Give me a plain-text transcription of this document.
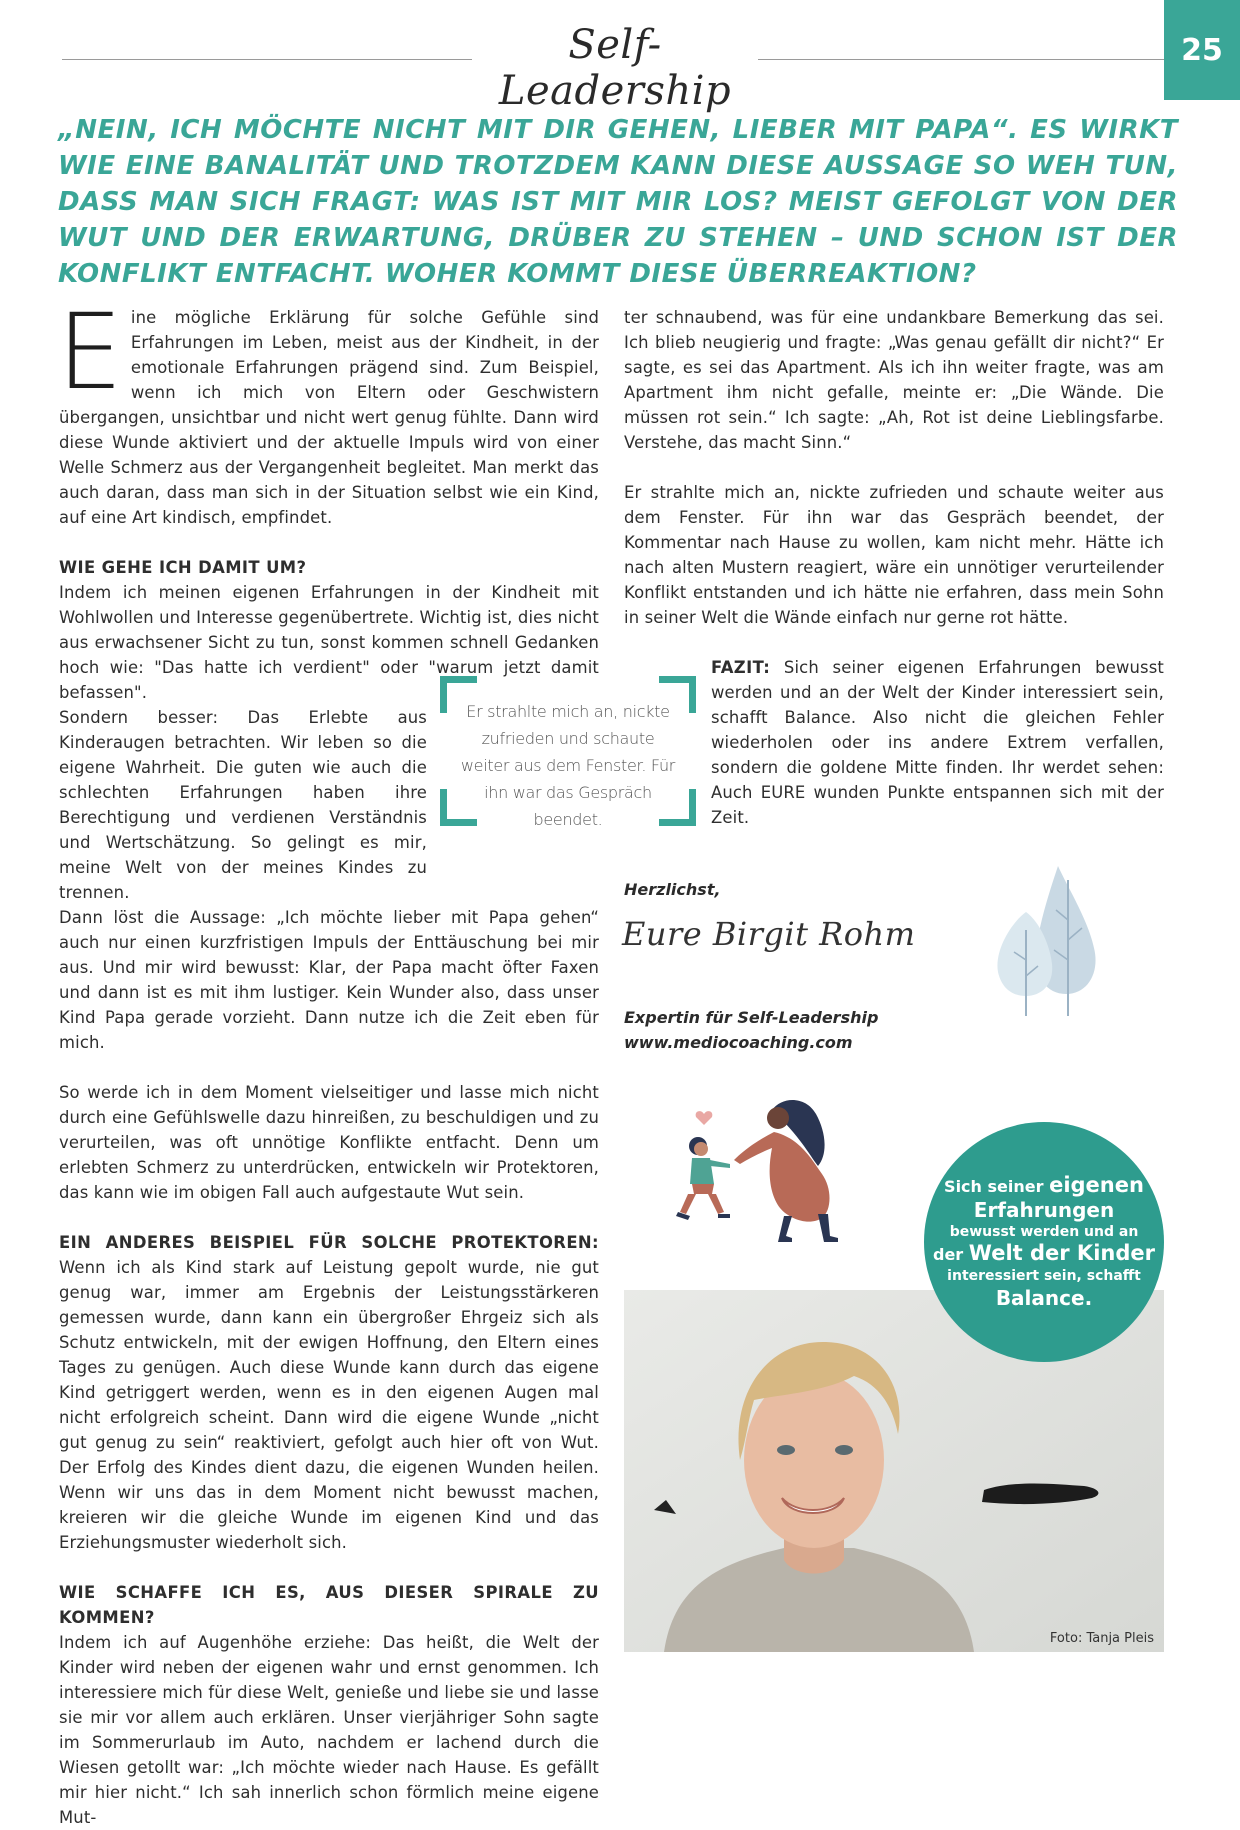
Self-Leadership
25
„NEIN, ICH MÖCHTE NICHT MIT DIR GEHEN, LIEBER MIT PAPA“. ES WIRKT WIE EINE BANALITÄT UND TROTZDEM KANN DIESE AUSSAGE SO WEH TUN, DASS MAN SICH FRAGT: WAS IST MIT MIR LOS? MEIST GEFOLGT VON DER WUT UND DER ERWARTUNG, DRÜBER ZU STEHEN – UND SCHON IST DER KONFLIKT ENTFACHT. WOHER KOMMT DIESE ÜBERREAKTION?

Eine mögliche Erklärung für solche Gefühle sind Erfahrungen im Leben, meist aus der Kindheit, in der emotionale Erfahrungen prägend sind. Zum Beispiel, wenn ich mich von Eltern oder Geschwistern übergangen, unsichtbar und nicht wert genug fühlte. Dann wird diese Wunde aktiviert und der aktuelle Impuls wird von einer Welle Schmerz aus der Vergangenheit begleitet. Man merkt das auch daran, dass man sich in der Situation selbst wie ein Kind, auf eine Art kindisch, empfindet.

WIE GEHE ICH DAMIT UM?

Indem ich meinen eigenen Erfahrungen in der Kindheit mit Wohlwollen und Interesse gegenübertrete. Wichtig ist, dies nicht aus erwachsener Sicht zu tun, sonst kommen schnell Gedanken hoch wie: "Das hatte ich verdient" oder "warum jetzt damit befassen".

Sondern besser: Das Erlebte aus Kinderaugen betrachten. Wir leben so die eigene Wahrheit. Die guten wie auch die schlechten Erfahrungen haben ihre Berechtigung und verdienen Verständnis und Wertschätzung. So gelingt es mir, meine Welt von der meines Kindes zu trennen.

Dann löst die Aussage: „Ich möchte lieber mit Papa gehen“ auch nur einen kurzfristigen Impuls der Enttäuschung bei mir aus. Und mir wird bewusst: Klar, der Papa macht öfter Faxen und dann ist es mit ihm lustiger. Kein Wunder also, dass unser Kind Papa gerade vorzieht. Dann nutze ich die Zeit eben für mich.

So werde ich in dem Moment vielseitiger und lasse mich nicht durch eine Gefühlswelle dazu hinreißen, zu beschuldigen und zu verurteilen, was oft unnötige Konflikte entfacht. Denn um erlebten Schmerz zu unterdrücken, entwickeln wir Protektoren, das kann wie im obigen Fall auch aufgestaute Wut sein.

EIN ANDERES BEISPIEL FÜR SOLCHE PROTEKTOREN: Wenn ich als Kind stark auf Leistung gepolt wurde, nie gut genug war, immer am Ergebnis der Leistungsstärkeren gemessen wurde, dann kann ein übergroßer Ehrgeiz sich als Schutz entwickeln, mit der ewigen Hoffnung, den Eltern eines Tages zu genügen. Auch diese Wunde kann durch das eigene Kind getriggert werden, wenn es in den eigenen Augen mal nicht erfolgreich scheint. Dann wird die eigene Wunde „nicht gut genug zu sein“ reaktiviert, gefolgt auch hier oft von Wut. Der Erfolg des Kindes dient dazu, die eigenen Wunden heilen. Wenn wir uns das in dem Moment nicht bewusst machen, kreieren wir die gleiche Wunde im eigenen Kind und das Erziehungsmuster wiederholt sich.

WIE SCHAFFE ICH ES, AUS DIESER SPIRALE ZU KOMMEN?

Indem ich auf Augenhöhe erziehe: Das heißt, die Welt der Kinder wird neben der eigenen wahr und ernst genommen. Ich interessiere mich für diese Welt, genieße und liebe sie und lasse sie mir vor allem auch erklären. Unser vierjähriger Sohn sagte im Sommerurlaub im Auto, nachdem er lachend durch die Wiesen getollt war: „Ich möchte wieder nach Hause. Es gefällt mir hier nicht.“ Ich sah innerlich schon förmlich meine eigene Mut-

Er strahlte mich an, nickte zufrieden und schaute weiter aus dem Fenster. Für ihn war das Gespräch beendet.

ter schnaubend, was für eine undankbare Bemerkung das sei. Ich blieb neugierig und fragte: „Was genau gefällt dir nicht?“ Er sagte, es sei das Apartment. Als ich ihn weiter fragte, was am Apartment ihm nicht gefalle, meinte er: „Die Wände. Die müssen rot sein.“ Ich sagte: „Ah, Rot ist deine Lieblingsfarbe. Verstehe, das macht Sinn.“

Er strahlte mich an, nickte zufrieden und schaute weiter aus dem Fenster. Für ihn war das Gespräch beendet, der Kommentar nach Hause zu wollen, kam nicht mehr. Hätte ich nach alten Mustern reagiert, wäre ein unnötiger verurteilender Konflikt entstanden und ich hätte nie erfahren, dass mein Sohn in seiner Welt die Wände einfach nur gerne rot hätte.

FAZIT: Sich seiner eigenen Erfahrungen bewusst werden und an der Welt der Kinder interessiert sein, schafft Balance. Also nicht die gleichen Fehler wiederholen oder ins andere Extrem verfallen, sondern die goldene Mitte finden. Ihr werdet sehen: Auch EURE wunden Punkte entspannen sich mit der Zeit.
Herzlichst,
Eure Birgit Rohm
Expertin für Self-Leadership
www.mediocoaching.com
Foto: Tanja Pleis
Sich seiner eigenen
Erfahrungen
bewusst werden und an
der Welt der Kinder
interessiert sein, schafft
Balance.
